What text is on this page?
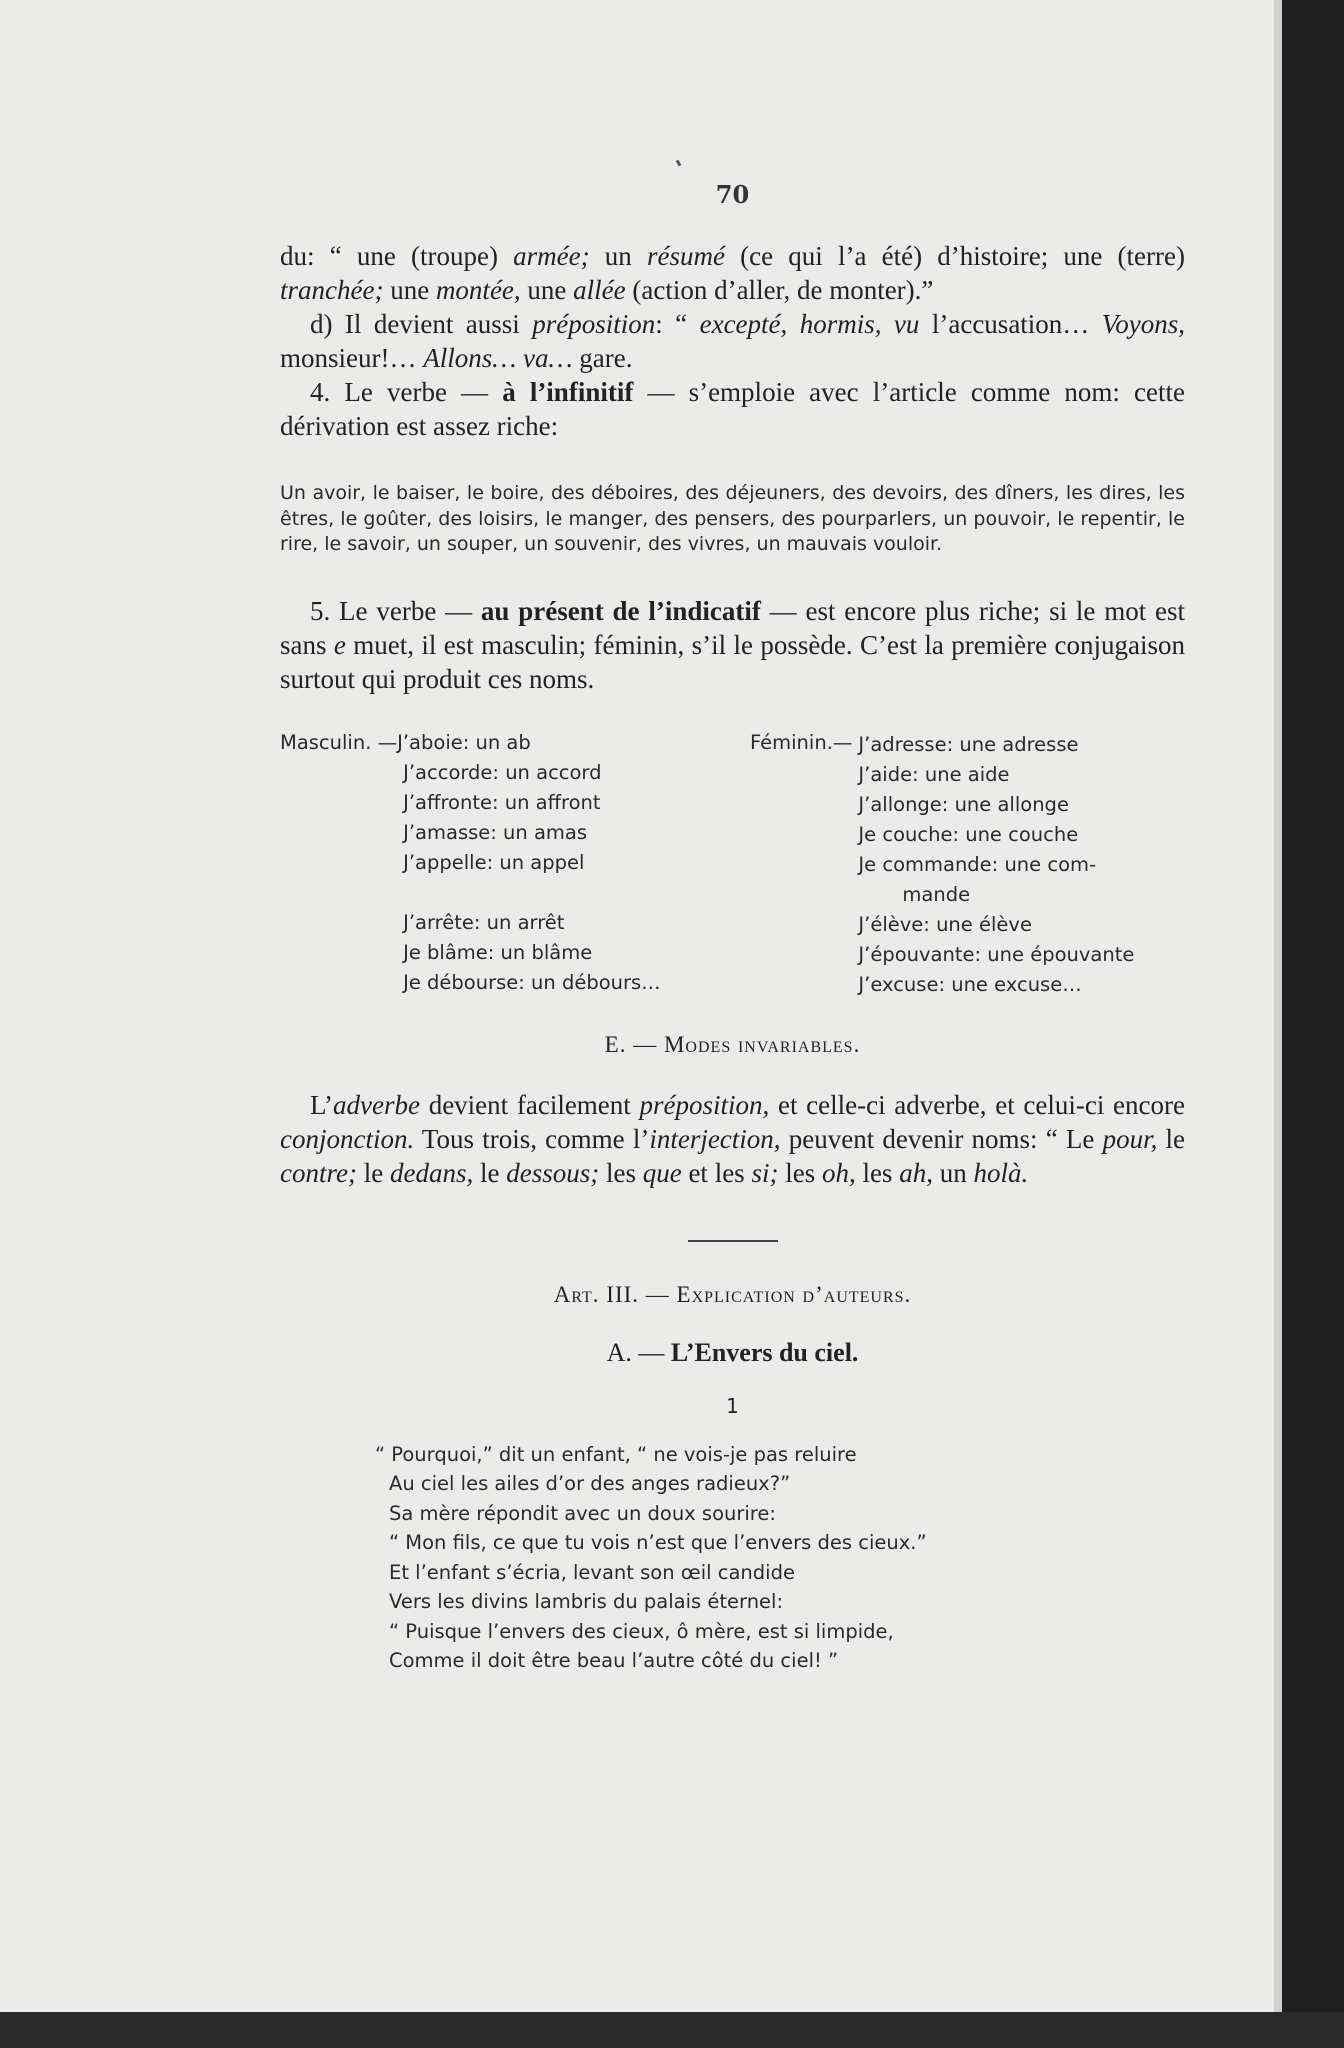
70

du: “ une (troupe) armée; un résumé (ce qui l’a été) d’histoire; une (terre) tranchée; une montée, une allée (action d’aller, de monter).”

d) Il devient aussi préposition: “ excepté, hormis, vu l’accusation… Voyons, monsieur!… Allons… va… gare.

4. Le verbe — à l’infinitif — s’emploie avec l’article comme nom: cette dérivation est assez riche:

Un avoir, le baiser, le boire, des déboires, des déjeuners, des devoirs, des dîners, les dires, les êtres, le goûter, des loisirs, le manger, des pensers, des pourparlers, un pouvoir, le repentir, le rire, le savoir, un souper, un souvenir, des vivres, un mauvais vouloir.

5. Le verbe — au présent de l’indicatif — est encore plus riche; si le mot est sans e muet, il est masculin; féminin, s’il le possède. C’est la première conjugaison surtout qui produit ces noms.

Masculin. — J’aboie: un ab
J’accorde: un accord
J’affronte: un affront
J’amasse: un amas
J’appelle: un appel
J’arrête: un arrêt
Je blâme: un blâme
Je débourse: un débours…
Féminin.— J’adresse: une adresse
J’aide: une aide
J’allonge: une allonge
Je couche: une couche
Je commande: une com-
mande
J’élève: une élève
J’épouvante: une épouvante
J’excuse: une excuse…
E. — Modes invariables.

L’adverbe devient facilement préposition, et celle-ci adverbe, et celui-ci encore conjonction. Tous trois, comme l’interjection, peuvent devenir noms: “ Le pour, le contre; le dedans, le dessous; les que et les si; les oh, les ah, un holà.

Art. III. — Explication d’auteurs.
A. — L’Envers du ciel.
1
“ Pourquoi,” dit un enfant, “ ne vois-je pas reluire
Au ciel les ailes d’or des anges radieux?”
Sa mère répondit avec un doux sourire:
“ Mon fils, ce que tu vois n’est que l’envers des cieux.”
Et l’enfant s’écria, levant son œil candide
Vers les divins lambris du palais éternel:
“ Puisque l’envers des cieux, ô mère, est si limpide,
Comme il doit être beau l’autre côté du ciel! ”
